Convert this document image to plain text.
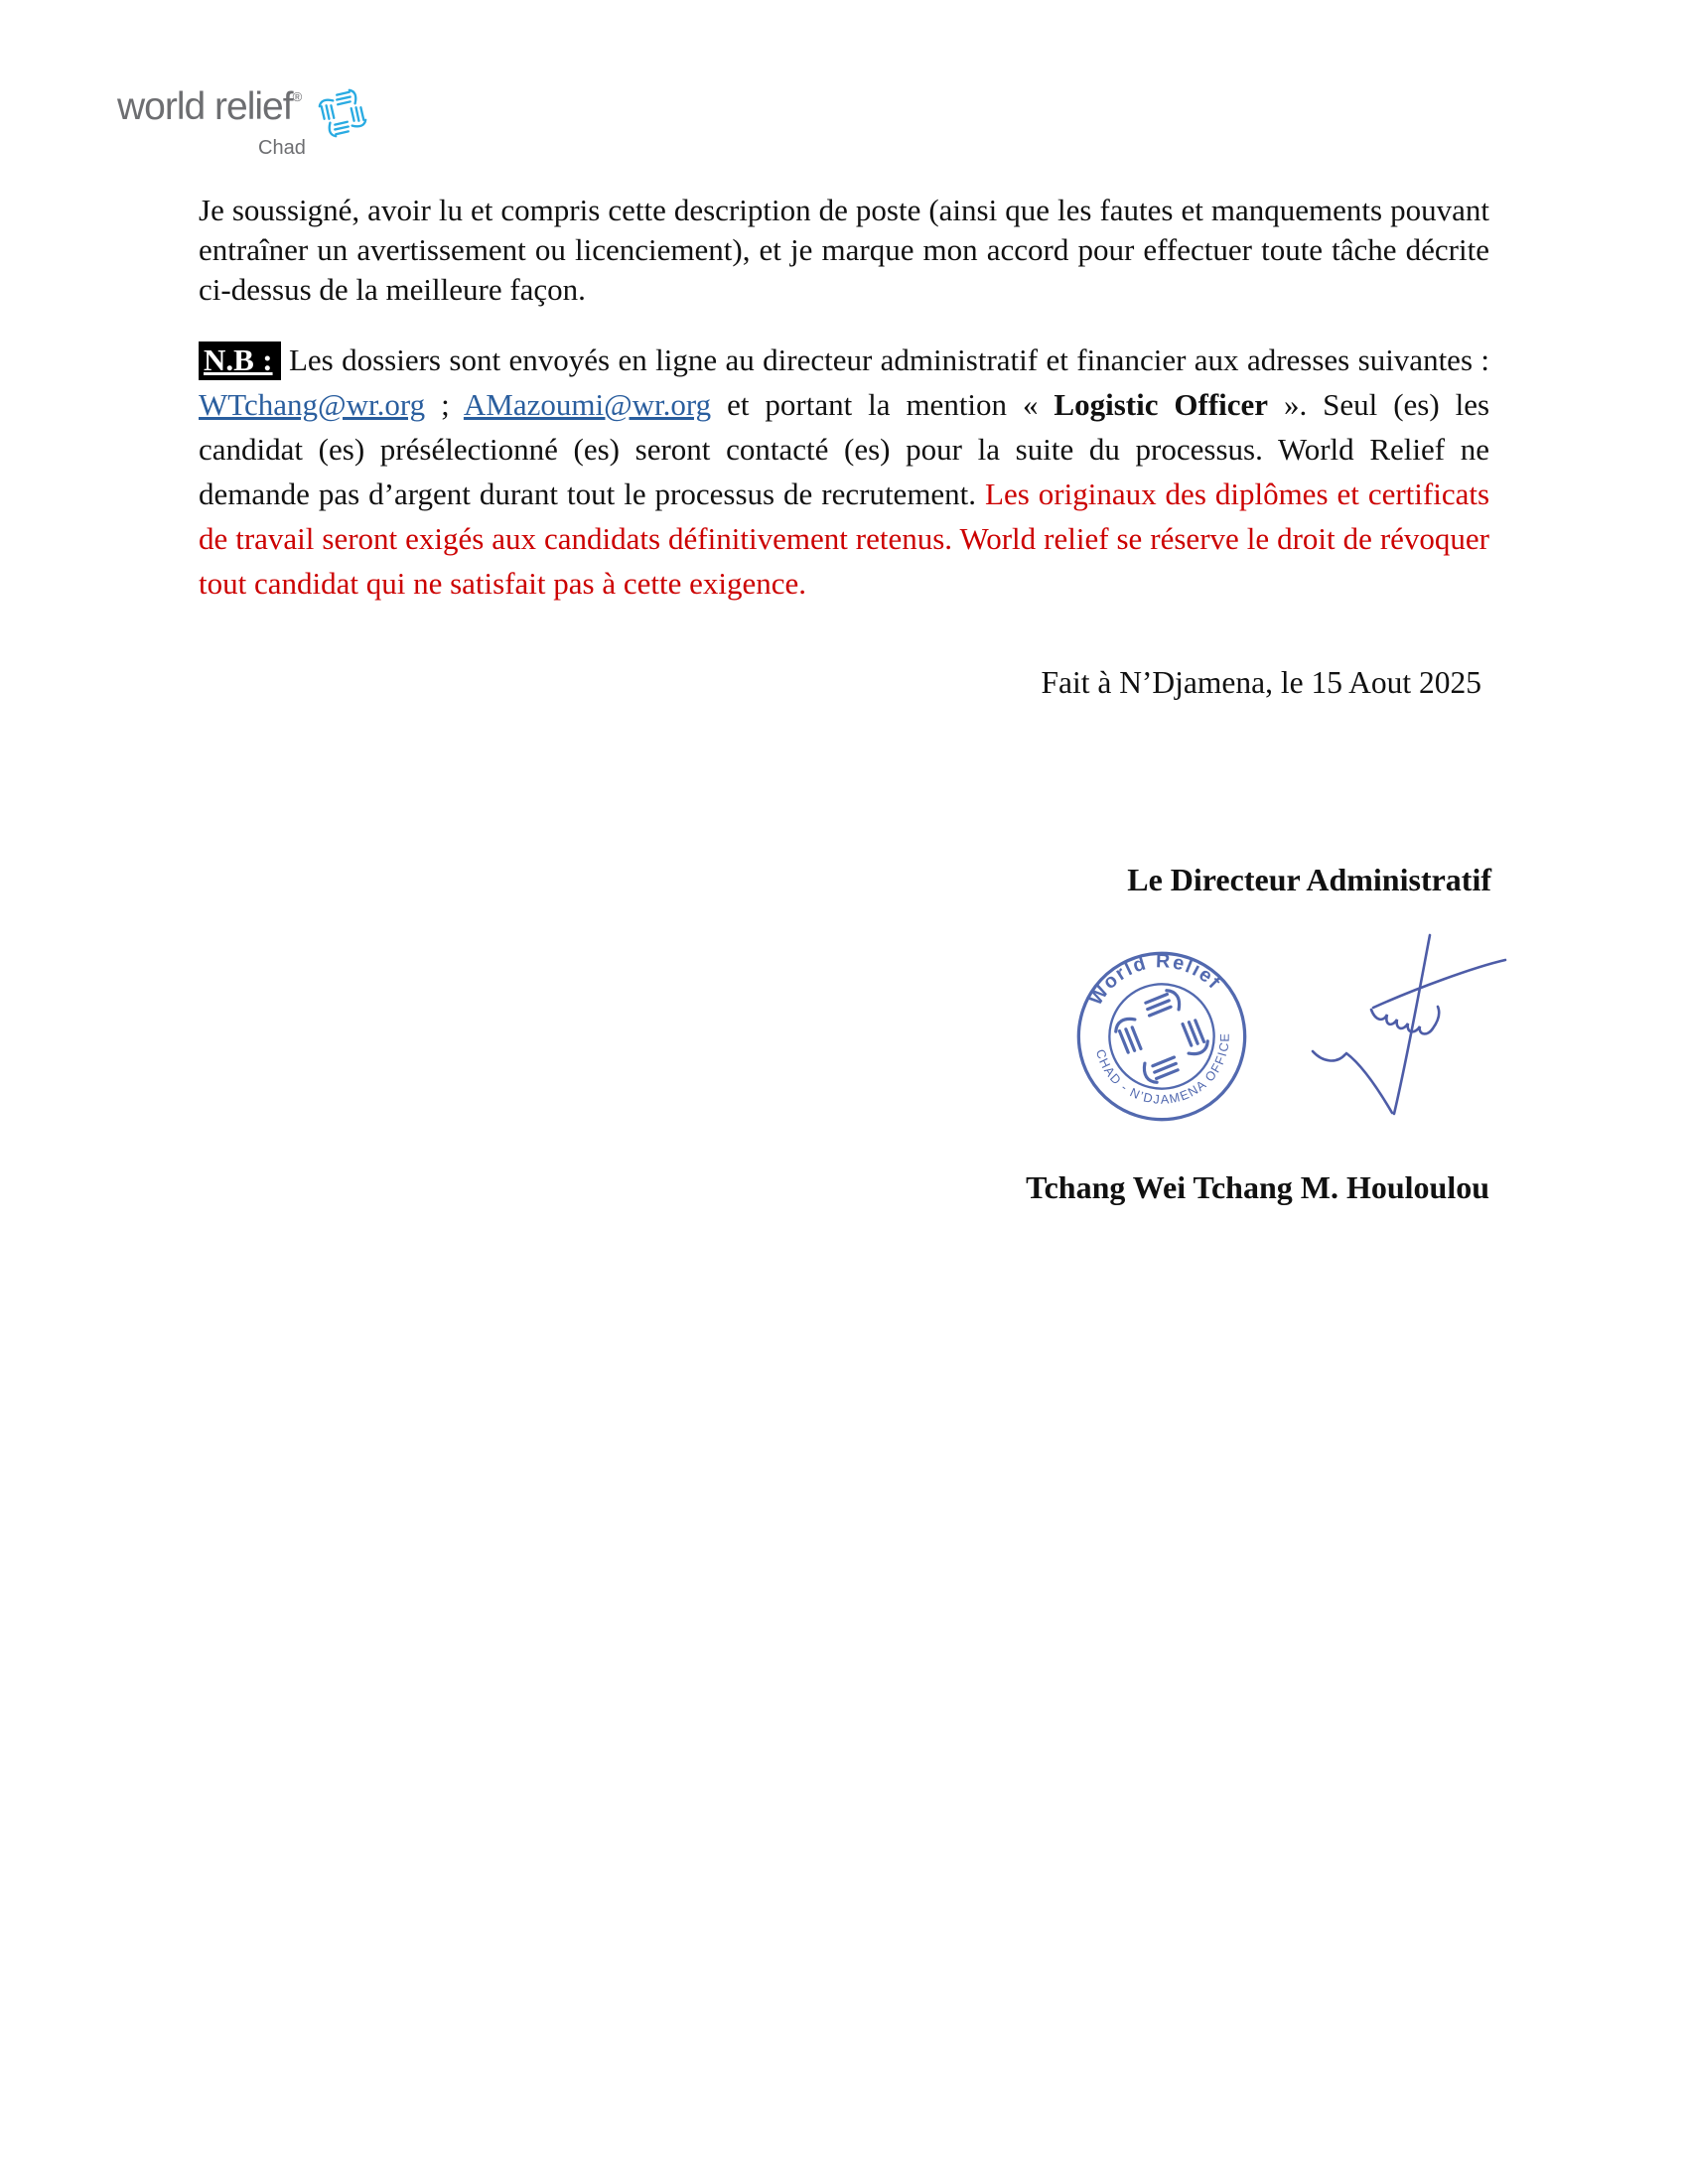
world relief®
Chad

Je soussigné, avoir lu et compris cette description de poste (ainsi que les fautes et manquements pouvant entraîner un avertissement ou licenciement), et je marque mon accord pour effectuer toute tâche décrite ci-dessus de la meilleure façon.

N.B : Les dossiers sont envoyés en ligne au directeur administratif et financier aux adresses suivantes : WTchang@wr.org ; AMazoumi@wr.org et portant la mention « Logistic Officer ». Seul (es) les candidat (es) présélectionné (es) seront contacté (es) pour la suite du processus. World Relief ne demande pas d’argent durant tout le processus de recrutement. Les originaux des diplômes et certificats de travail seront exigés aux candidats définitivement retenus. World relief se réserve le droit de révoquer tout candidat qui ne satisfait pas à cette exigence.

Fait à N’Djamena, le 15 Aout 2025

Le Directeur Administratif

World Relief
CHAD - N’DJAMENA OFFICE

Tchang Wei Tchang M. Houloulou
